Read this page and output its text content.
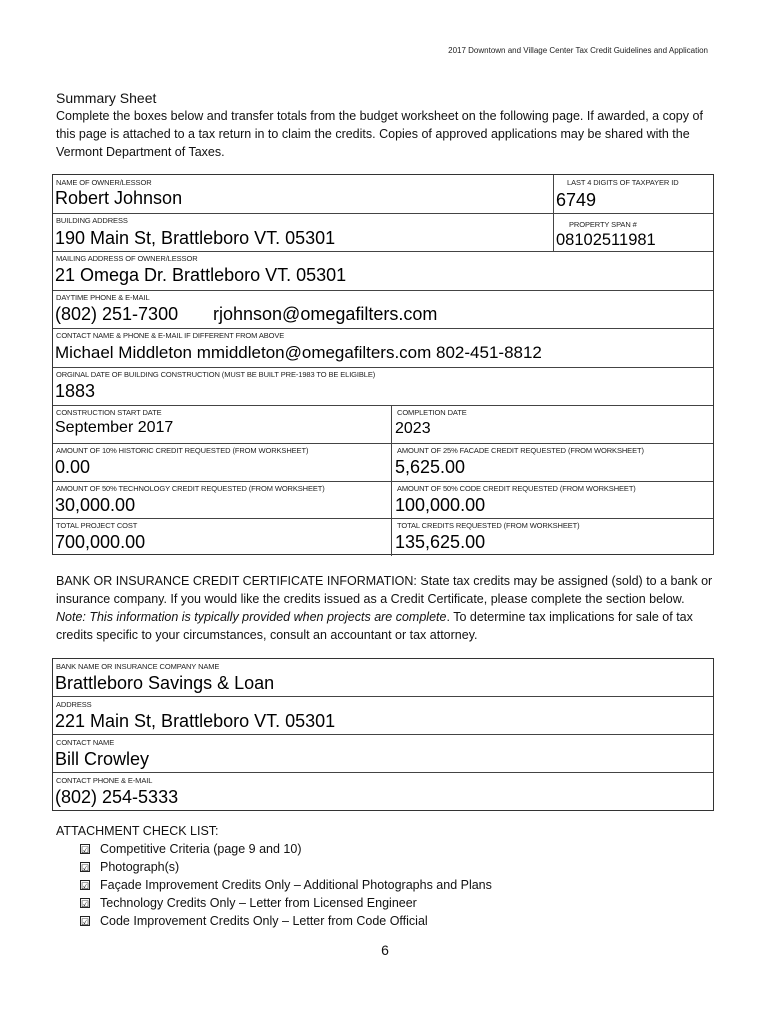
2017 Downtown and Village Center Tax Credit Guidelines and Application
Summary Sheet
Complete the boxes below and transfer totals from the budget worksheet on the following page. If awarded, a copy of this page is attached to a tax return in to claim the credits. Copies of approved applications may be shared with the Vermont Department of Taxes.
NAME OF OWNER/LESSOR
Robert Johnson
LAST 4 DIGITS OF TAXPAYER ID
6749
BUILDING ADDRESS
190 Main St, Brattleboro VT. 05301
PROPERTY SPAN #
08102511981
MAILING ADDRESS OF OWNER/LESSOR
21 Omega Dr. Brattleboro VT. 05301
DAYTIME PHONE & E-MAIL
(802) 251-7300 rjohnson@omegafilters.com
CONTACT NAME & PHONE & E-MAIL IF DIFFERENT FROM ABOVE
Michael Middleton mmiddleton@omegafilters.com 802-451-8812
ORGINAL DATE OF BUILDING CONSTRUCTION (MUST BE BUILT PRE-1983 TO BE ELIGIBLE)
1883
CONSTRUCTION START DATE
September 2017
COMPLETION DATE
2023
AMOUNT OF 10% HISTORIC CREDIT REQUESTED (FROM WORKSHEET)
0.00
AMOUNT OF 25% FACADE CREDIT REQUESTED (FROM WORKSHEET)
5,625.00
AMOUNT OF 50% TECHNOLOGY CREDIT REQUESTED (FROM WORKSHEET)
30,000.00
AMOUNT OF 50% CODE CREDIT REQUESTED (FROM WORKSHEET)
100,000.00
TOTAL PROJECT COST
700,000.00
TOTAL CREDITS REQUESTED (FROM WORKSHEET)
135,625.00
BANK OR INSURANCE CREDIT CERTIFICATE INFORMATION: State tax credits may be assigned (sold) to a bank or insurance company. If you would like the credits issued as a Credit Certificate, please complete the section below. Note: This information is typically provided when projects are complete. To determine tax implications for sale of tax credits specific to your circumstances, consult an accountant or tax attorney.
BANK NAME OR INSURANCE COMPANY NAME
Brattleboro Savings & Loan
ADDRESS
221 Main St, Brattleboro VT. 05301
CONTACT NAME
Bill Crowley
CONTACT PHONE & E-MAIL
(802) 254-5333
ATTACHMENT CHECK LIST:
☑ Competitive Criteria (page 9 and 10)
☑ Photograph(s)
☑ Façade Improvement Credits Only – Additional Photographs and Plans
☑ Technology Credits Only – Letter from Licensed Engineer
☑ Code Improvement Credits Only – Letter from Code Official
6
